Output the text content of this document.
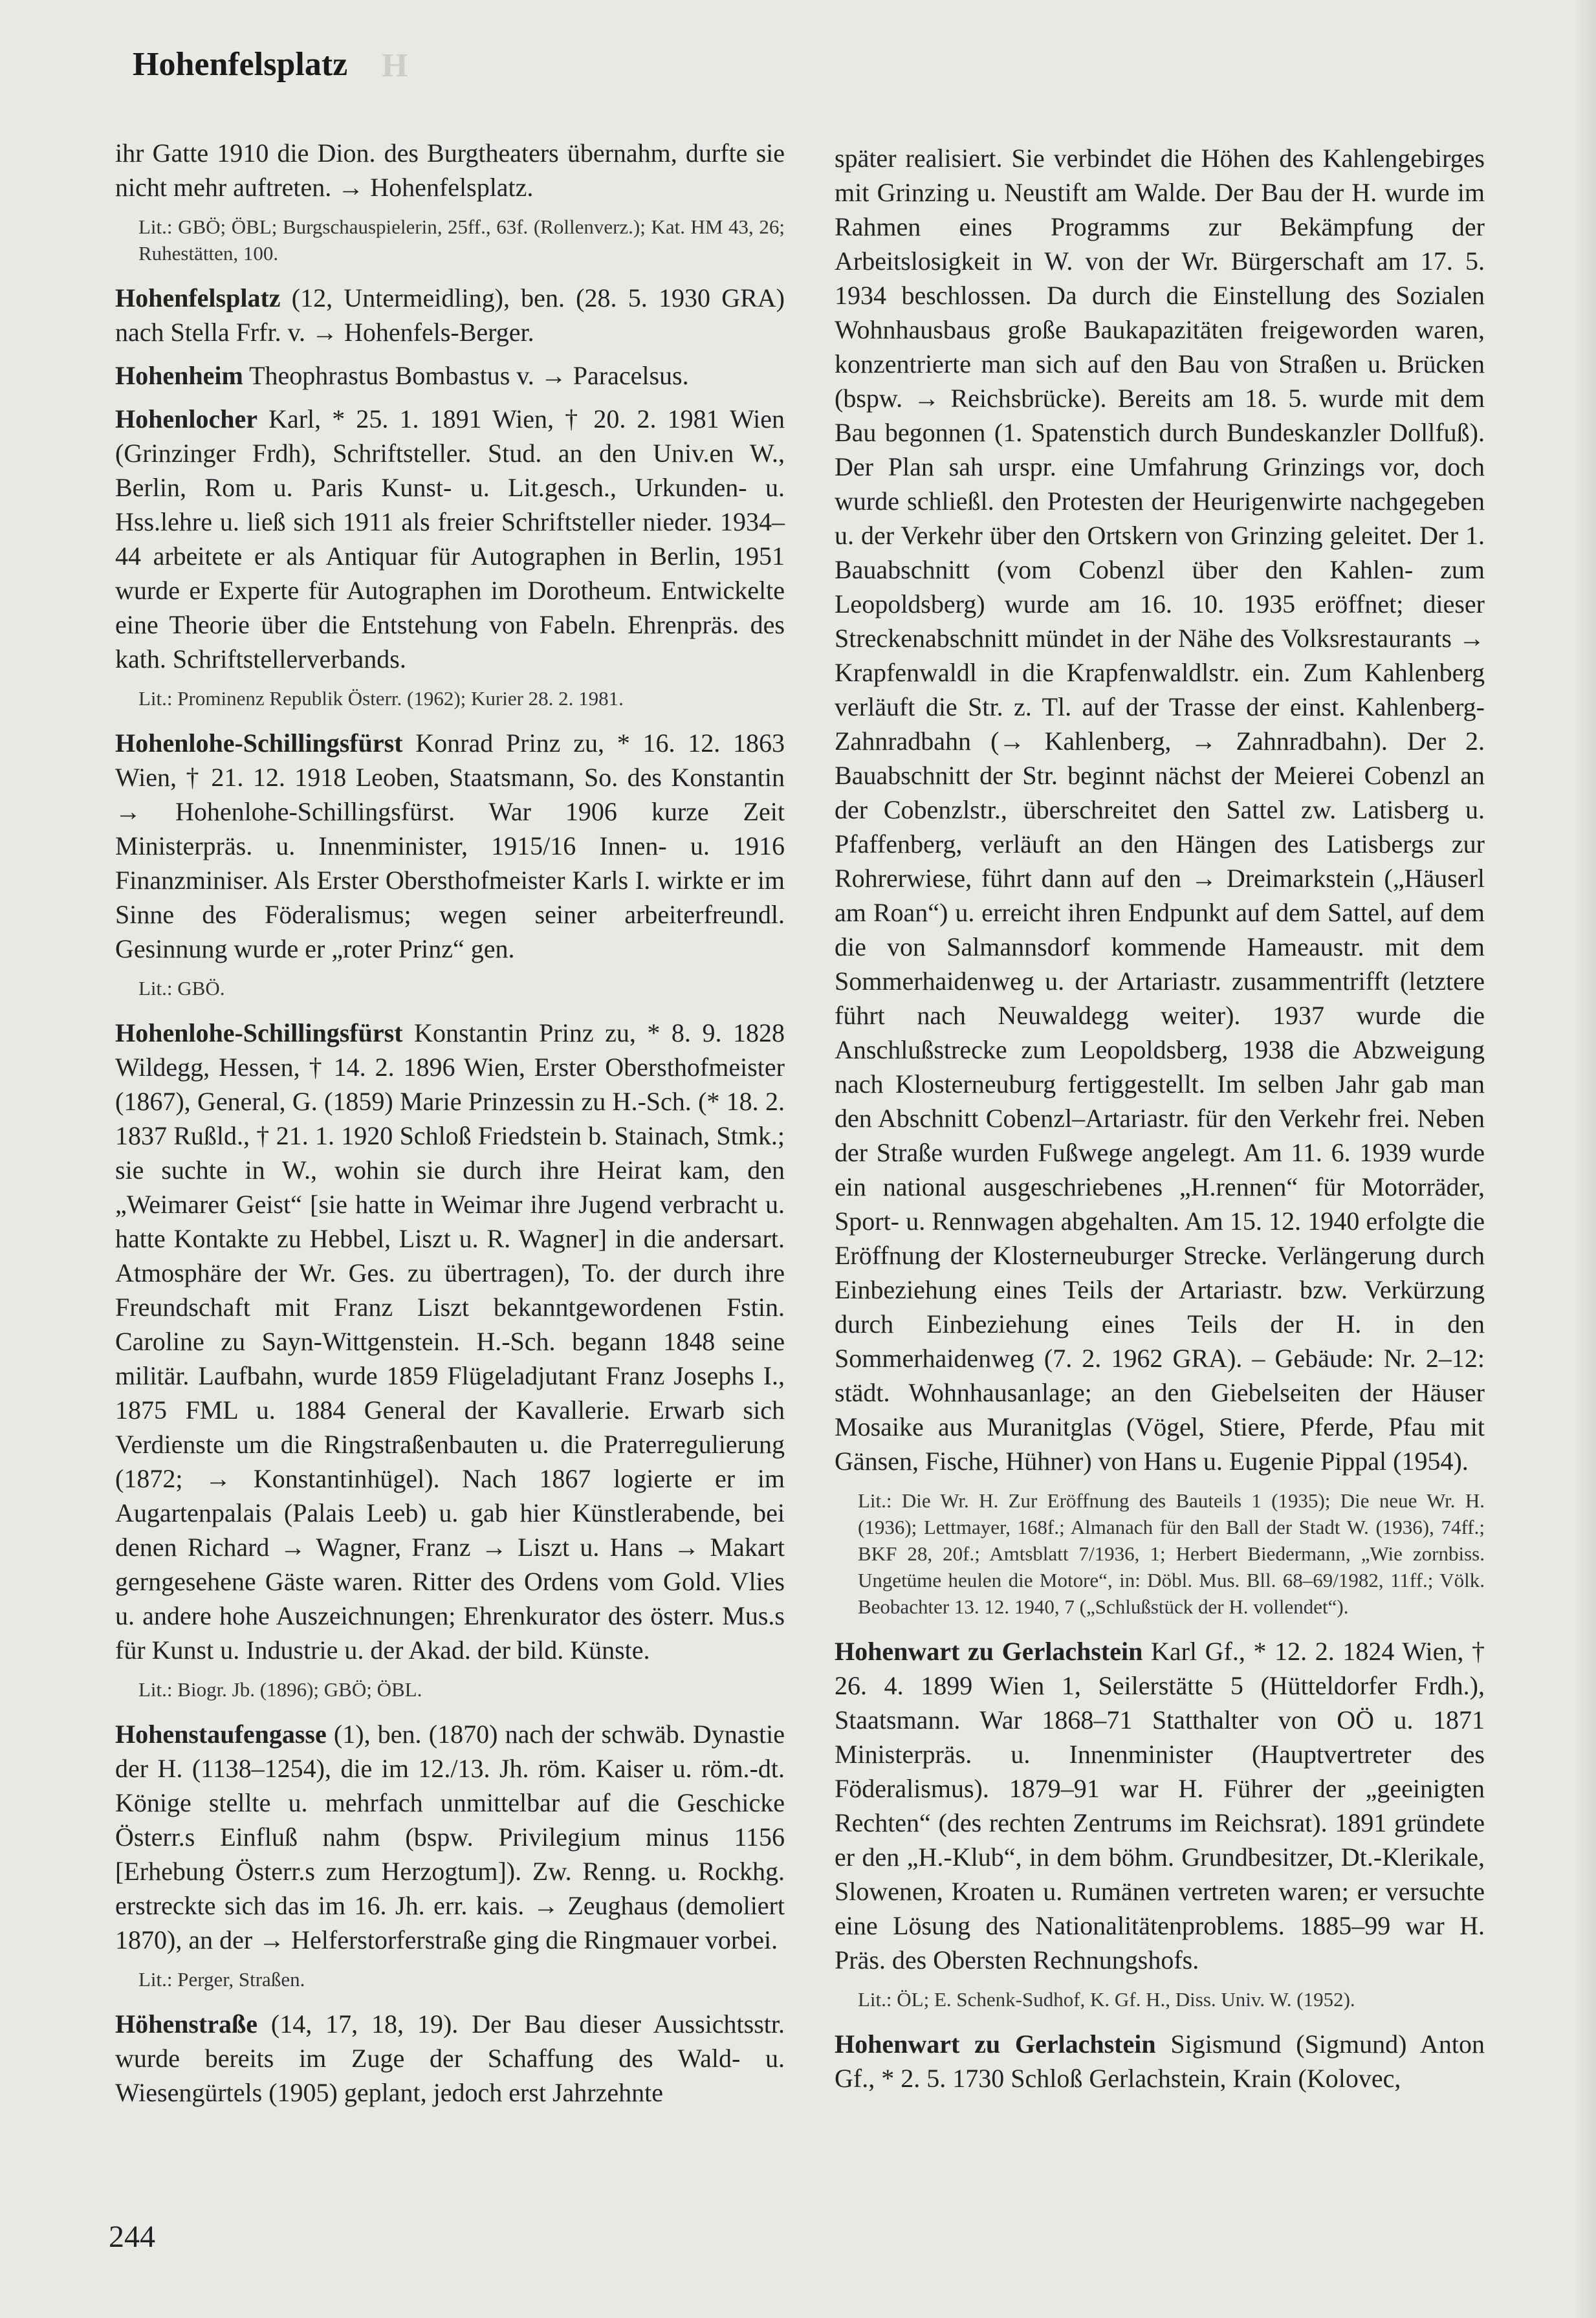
Hohenfelsplatz H

ihr Gatte 1910 die Dion. des Burgtheaters übernahm, durfte sie nicht mehr auftreten. → Hohenfelsplatz.

Lit.: GBÖ; ÖBL; Burgschauspielerin, 25ff., 63f. (Rollenverz.); Kat. HM 43, 26; Ruhestätten, 100.

Hohenfelsplatz (12, Untermeidling), ben. (28. 5. 1930 GRA) nach Stella Frfr. v. → Hohenfels-Berger.

Hohenheim Theophrastus Bombastus v. → Paracelsus.

Hohenlocher Karl, * 25. 1. 1891 Wien, † 20. 2. 1981 Wien (Grinzinger Frdh), Schriftsteller. Stud. an den Univ.en W., Berlin, Rom u. Paris Kunst- u. Lit.gesch., Urkunden- u. Hss.lehre u. ließ sich 1911 als freier Schriftsteller nieder. 1934–44 arbeitete er als Antiquar für Autographen in Berlin, 1951 wurde er Experte für Autographen im Dorotheum. Entwickelte eine Theorie über die Entstehung von Fabeln. Ehrenpräs. des kath. Schriftstellerverbands.

Lit.: Prominenz Republik Österr. (1962); Kurier 28. 2. 1981.

Hohenlohe-Schillingsfürst Konrad Prinz zu, * 16. 12. 1863 Wien, † 21. 12. 1918 Leoben, Staatsmann, So. des Konstantin → Hohenlohe-Schillingsfürst. War 1906 kurze Zeit Ministerpräs. u. Innenminister, 1915/16 Innen- u. 1916 Finanzminiser. Als Erster Obersthofmeister Karls I. wirkte er im Sinne des Föderalismus; wegen seiner arbeiterfreundl. Gesinnung wurde er „roter Prinz“ gen.

Lit.: GBÖ.

Hohenlohe-Schillingsfürst Konstantin Prinz zu, * 8. 9. 1828 Wildegg, Hessen, † 14. 2. 1896 Wien, Erster Obersthofmeister (1867), General, G. (1859) Marie Prinzessin zu H.-Sch. (* 18. 2. 1837 Rußld., † 21. 1. 1920 Schloß Friedstein b. Stainach, Stmk.; sie suchte in W., wohin sie durch ihre Heirat kam, den „Weimarer Geist“ [sie hatte in Weimar ihre Jugend verbracht u. hatte Kontakte zu Hebbel, Liszt u. R. Wagner] in die andersart. Atmosphäre der Wr. Ges. zu übertragen), To. der durch ihre Freundschaft mit Franz Liszt bekanntgewordenen Fstin. Caroline zu Sayn-Wittgenstein. H.-Sch. begann 1848 seine militär. Laufbahn, wurde 1859 Flügeladjutant Franz Josephs I., 1875 FML u. 1884 General der Kavallerie. Erwarb sich Verdienste um die Ringstraßenbauten u. die Praterregulierung (1872; → Konstantinhügel). Nach 1867 logierte er im Augartenpalais (Palais Leeb) u. gab hier Künstlerabende, bei denen Richard → Wagner, Franz → Liszt u. Hans → Makart gerngesehene Gäste waren. Ritter des Ordens vom Gold. Vlies u. andere hohe Auszeichnungen; Ehrenkurator des österr. Mus.s für Kunst u. Industrie u. der Akad. der bild. Künste.

Lit.: Biogr. Jb. (1896); GBÖ; ÖBL.

Hohenstaufengasse (1), ben. (1870) nach der schwäb. Dynastie der H. (1138–1254), die im 12./13. Jh. röm. Kaiser u. röm.-dt. Könige stellte u. mehrfach unmittelbar auf die Geschicke Österr.s Einfluß nahm (bspw. Privilegium minus 1156 [Erhebung Österr.s zum Herzogtum]). Zw. Renng. u. Rockhg. erstreckte sich das im 16. Jh. err. kais. → Zeughaus (demoliert 1870), an der → Helferstorferstraße ging die Ringmauer vorbei.

Lit.: Perger, Straßen.

Höhenstraße (14, 17, 18, 19). Der Bau dieser Aussichtsstr. wurde bereits im Zuge der Schaffung des Wald- u. Wiesengürtels (1905) geplant, jedoch erst Jahrzehnte

später realisiert. Sie verbindet die Höhen des Kahlengebirges mit Grinzing u. Neustift am Walde. Der Bau der H. wurde im Rahmen eines Programms zur Bekämpfung der Arbeitslosigkeit in W. von der Wr. Bürgerschaft am 17. 5. 1934 beschlossen. Da durch die Einstellung des Sozialen Wohnhausbaus große Baukapazitäten freigeworden waren, konzentrierte man sich auf den Bau von Straßen u. Brücken (bspw. → Reichsbrücke). Bereits am 18. 5. wurde mit dem Bau begonnen (1. Spatenstich durch Bundeskanzler Dollfuß). Der Plan sah urspr. eine Umfahrung Grinzings vor, doch wurde schließl. den Protesten der Heurigenwirte nachgegeben u. der Verkehr über den Ortskern von Grinzing geleitet. Der 1. Bauabschnitt (vom Cobenzl über den Kahlen- zum Leopoldsberg) wurde am 16. 10. 1935 eröffnet; dieser Streckenabschnitt mündet in der Nähe des Volksrestaurants → Krapfenwaldl in die Krapfenwaldlstr. ein. Zum Kahlenberg verläuft die Str. z. Tl. auf der Trasse der einst. Kahlenberg-Zahnradbahn (→ Kahlenberg, → Zahnradbahn). Der 2. Bauabschnitt der Str. beginnt nächst der Meierei Cobenzl an der Cobenzlstr., überschreitet den Sattel zw. Latisberg u. Pfaffenberg, verläuft an den Hängen des Latisbergs zur Rohrerwiese, führt dann auf den → Dreimarkstein („Häuserl am Roan“) u. erreicht ihren Endpunkt auf dem Sattel, auf dem die von Salmannsdorf kommende Hameaustr. mit dem Sommerhaidenweg u. der Artariastr. zusammentrifft (letztere führt nach Neuwaldegg weiter). 1937 wurde die Anschlußstrecke zum Leopoldsberg, 1938 die Abzweigung nach Klosterneuburg fertiggestellt. Im selben Jahr gab man den Abschnitt Cobenzl–Artariastr. für den Verkehr frei. Neben der Straße wurden Fußwege angelegt. Am 11. 6. 1939 wurde ein national ausgeschriebenes „H.rennen“ für Motorräder, Sport- u. Rennwagen abgehalten. Am 15. 12. 1940 erfolgte die Eröffnung der Klosterneuburger Strecke. Verlängerung durch Einbeziehung eines Teils der Artariastr. bzw. Verkürzung durch Einbeziehung eines Teils der H. in den Sommerhaidenweg (7. 2. 1962 GRA). – Gebäude: Nr. 2–12: städt. Wohnhausanlage; an den Giebelseiten der Häuser Mosaike aus Muranitglas (Vögel, Stiere, Pferde, Pfau mit Gänsen, Fische, Hühner) von Hans u. Eugenie Pippal (1954).

Lit.: Die Wr. H. Zur Eröffnung des Bauteils 1 (1935); Die neue Wr. H. (1936); Lettmayer, 168f.; Almanach für den Ball der Stadt W. (1936), 74ff.; BKF 28, 20f.; Amtsblatt 7/1936, 1; Herbert Biedermann, „Wie zornbiss. Ungetüme heulen die Motore“, in: Döbl. Mus. Bll. 68–69/1982, 11ff.; Völk. Beobachter 13. 12. 1940, 7 („Schlußstück der H. vollendet“).

Hohenwart zu Gerlachstein Karl Gf., * 12. 2. 1824 Wien, † 26. 4. 1899 Wien 1, Seilerstätte 5 (Hütteldorfer Frdh.), Staatsmann. War 1868–71 Statthalter von OÖ u. 1871 Ministerpräs. u. Innenminister (Hauptvertreter des Föderalismus). 1879–91 war H. Führer der „geeinigten Rechten“ (des rechten Zentrums im Reichsrat). 1891 gründete er den „H.-Klub“, in dem böhm. Grundbesitzer, Dt.-Klerikale, Slowenen, Kroaten u. Rumänen vertreten waren; er versuchte eine Lösung des Nationalitätenproblems. 1885–99 war H. Präs. des Obersten Rechnungshofs.

Lit.: ÖL; E. Schenk-Sudhof, K. Gf. H., Diss. Univ. W. (1952).

Hohenwart zu Gerlachstein Sigismund (Sigmund) Anton Gf., * 2. 5. 1730 Schloß Gerlachstein, Krain (Kolovec,

244
